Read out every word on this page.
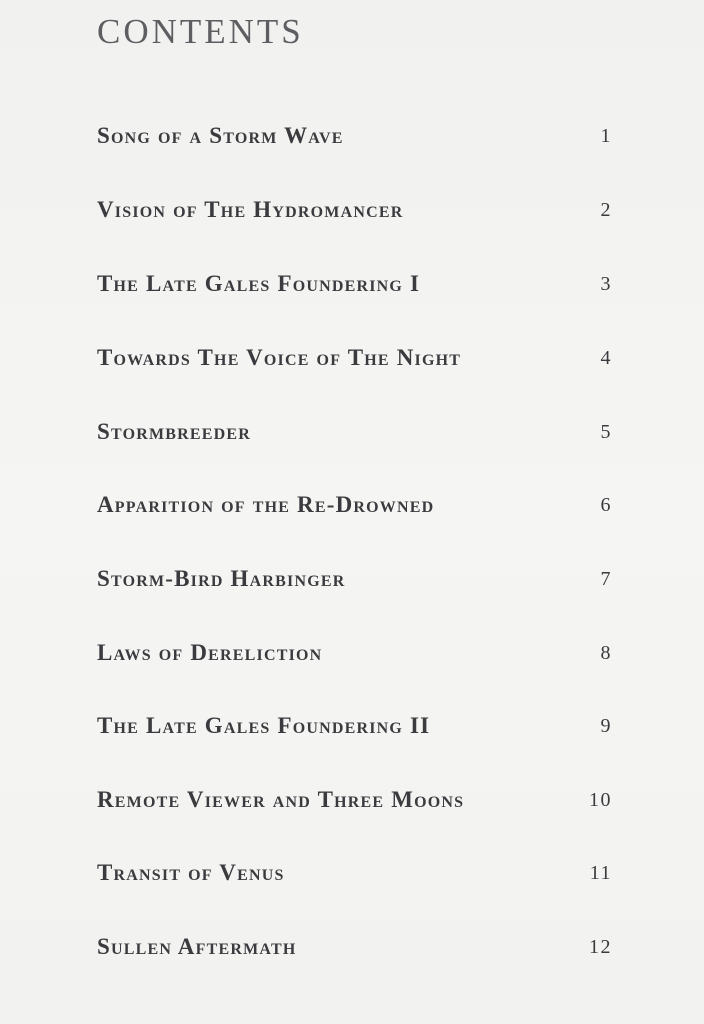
CONTENTS
Song of a Storm Wave	1
Vision of The Hydromancer	2
The Late Gales Foundering I	3
Towards The Voice of The Night	4
Stormbreeder	5
Apparition of the Re-Drowned	6
Storm-Bird Harbinger	7
Laws of Dereliction	8
The Late Gales Foundering II	9
Remote Viewer and Three Moons	10
Transit of Venus	11
Sullen Aftermath	12
